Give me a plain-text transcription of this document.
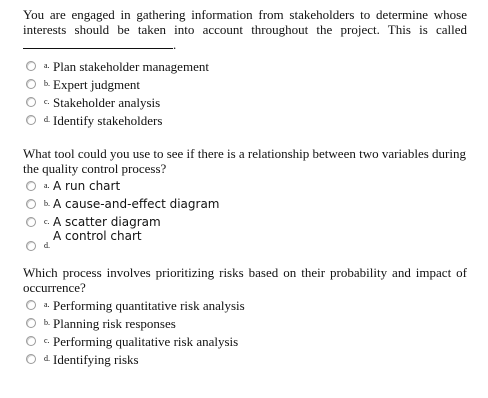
You are engaged in gathering information from stakeholders to determine whose interests should be taken into account throughout the project. This is called .
a. Plan stakeholder management
b. Expert judgment
c. Stakeholder analysis
d. Identify stakeholders
What tool could you use to see if there is a relationship between two variables during the quality control process?
a. A run chart
b. A cause-and-effect diagram
c. A scatter diagram
d.
A control chart
Which process involves prioritizing risks based on their probability and impact of occurrence?
a. Performing quantitative risk analysis
b. Planning risk responses
c. Performing qualitative risk analysis
d. Identifying risks
